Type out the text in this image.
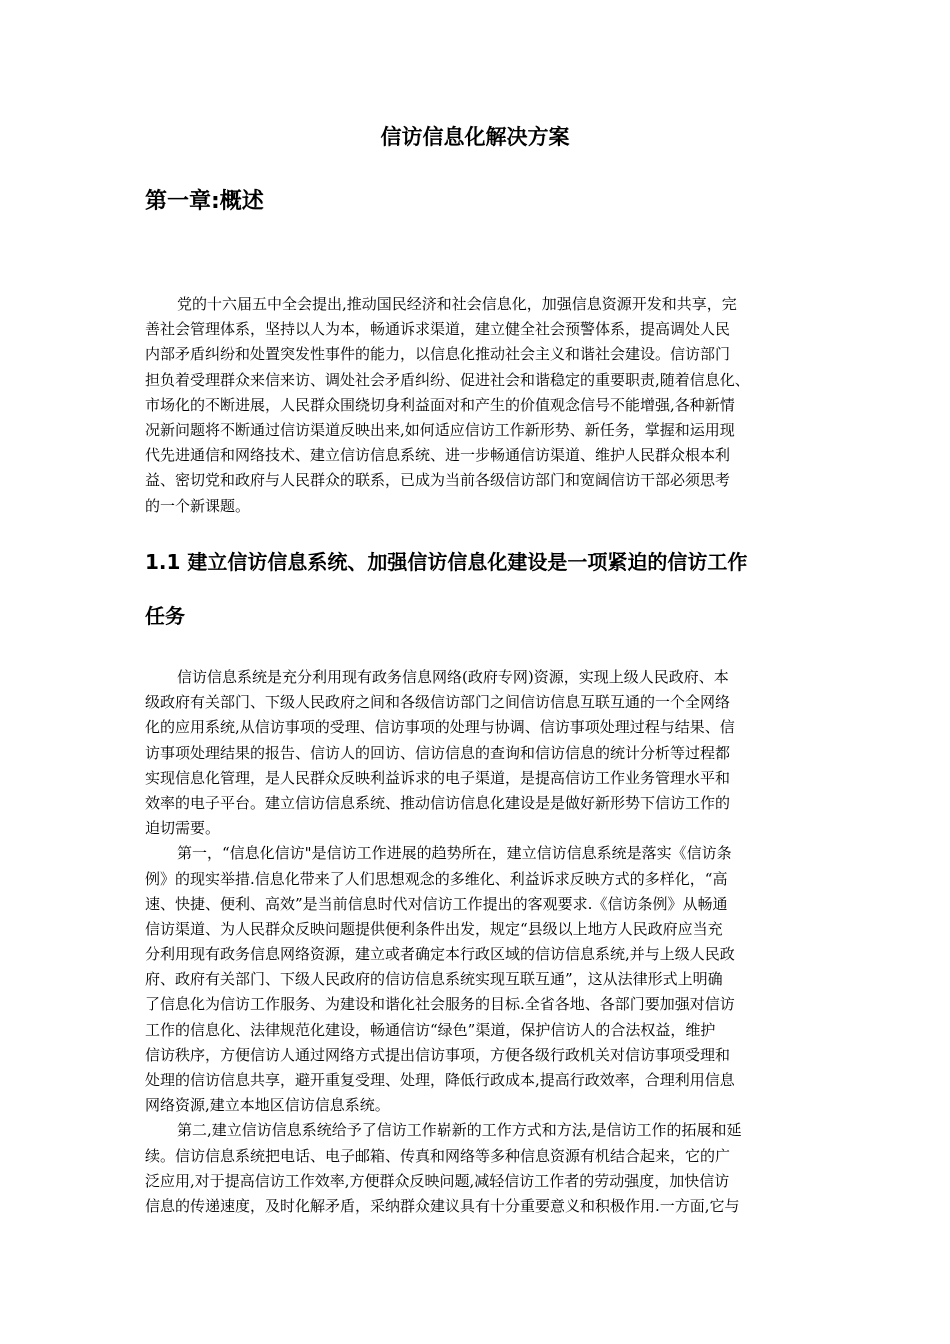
信访信息化解决方案
第一章:概述
党的十六届五中全会提出,推动国民经济和社会信息化，加强信息资源开发和共享，完
善社会管理体系，坚持以人为本，畅通诉求渠道，建立健全社会预警体系，提高调处人民
内部矛盾纠纷和处置突发性事件的能力，以信息化推动社会主义和谐社会建设。信访部门
担负着受理群众来信来访、调处社会矛盾纠纷、促进社会和谐稳定的重要职责,随着信息化、
市场化的不断进展，人民群众围绕切身利益面对和产生的价值观念信号不能增强,各种新情
况新问题将不断通过信访渠道反映出来,如何适应信访工作新形势、新任务，掌握和运用现
代先进通信和网络技术、建立信访信息系统、进一步畅通信访渠道、维护人民群众根本利
益、密切党和政府与人民群众的联系，已成为当前各级信访部门和宽阔信访干部必须思考
的一个新课题。
1.1 建立信访信息系统、加强信访信息化建设是一项紧迫的信访工作
任务
信访信息系统是充分利用现有政务信息网络(政府专网)资源，实现上级人民政府、本
级政府有关部门、下级人民政府之间和各级信访部门之间信访信息互联互通的一个全网络
化的应用系统,从信访事项的受理、信访事项的处理与协调、信访事项处理过程与结果、信
访事项处理结果的报告、信访人的回访、信访信息的查询和信访信息的统计分析等过程都
实现信息化管理，是人民群众反映利益诉求的电子渠道，是提高信访工作业务管理水平和
效率的电子平台。建立信访信息系统、推动信访信息化建设是是做好新形势下信访工作的
迫切需要。
第一，“信息化信访"是信访工作进展的趋势所在，建立信访信息系统是落实《信访条
例》的现实举措.信息化带来了人们思想观念的多维化、利益诉求反映方式的多样化，“高
速、快捷、便利、高效”是当前信息时代对信访工作提出的客观要求.《信访条例》从畅通
信访渠道、为人民群众反映问题提供便利条件出发，规定“县级以上地方人民政府应当充
分利用现有政务信息网络资源，建立或者确定本行政区域的信访信息系统,并与上级人民政
府、政府有关部门、下级人民政府的信访信息系统实现互联互通”，这从法律形式上明确
了信息化为信访工作服务、为建设和谐化社会服务的目标.全省各地、各部门要加强对信访
工作的信息化、法律规范化建设，畅通信访“绿色”渠道，保护信访人的合法权益，维护
信访秩序，方便信访人通过网络方式提出信访事项，方便各级行政机关对信访事项受理和
处理的信访信息共享，避开重复受理、处理，降低行政成本,提高行政效率，合理利用信息
网络资源,建立本地区信访信息系统。
第二,建立信访信息系统给予了信访工作崭新的工作方式和方法,是信访工作的拓展和延
续。信访信息系统把电话、电子邮箱、传真和网络等多种信息资源有机结合起来，它的广
泛应用,对于提高信访工作效率,方便群众反映问题,减轻信访工作者的劳动强度，加快信访
信息的传递速度，及时化解矛盾，采纳群众建议具有十分重要意义和积极作用.一方面,它与
